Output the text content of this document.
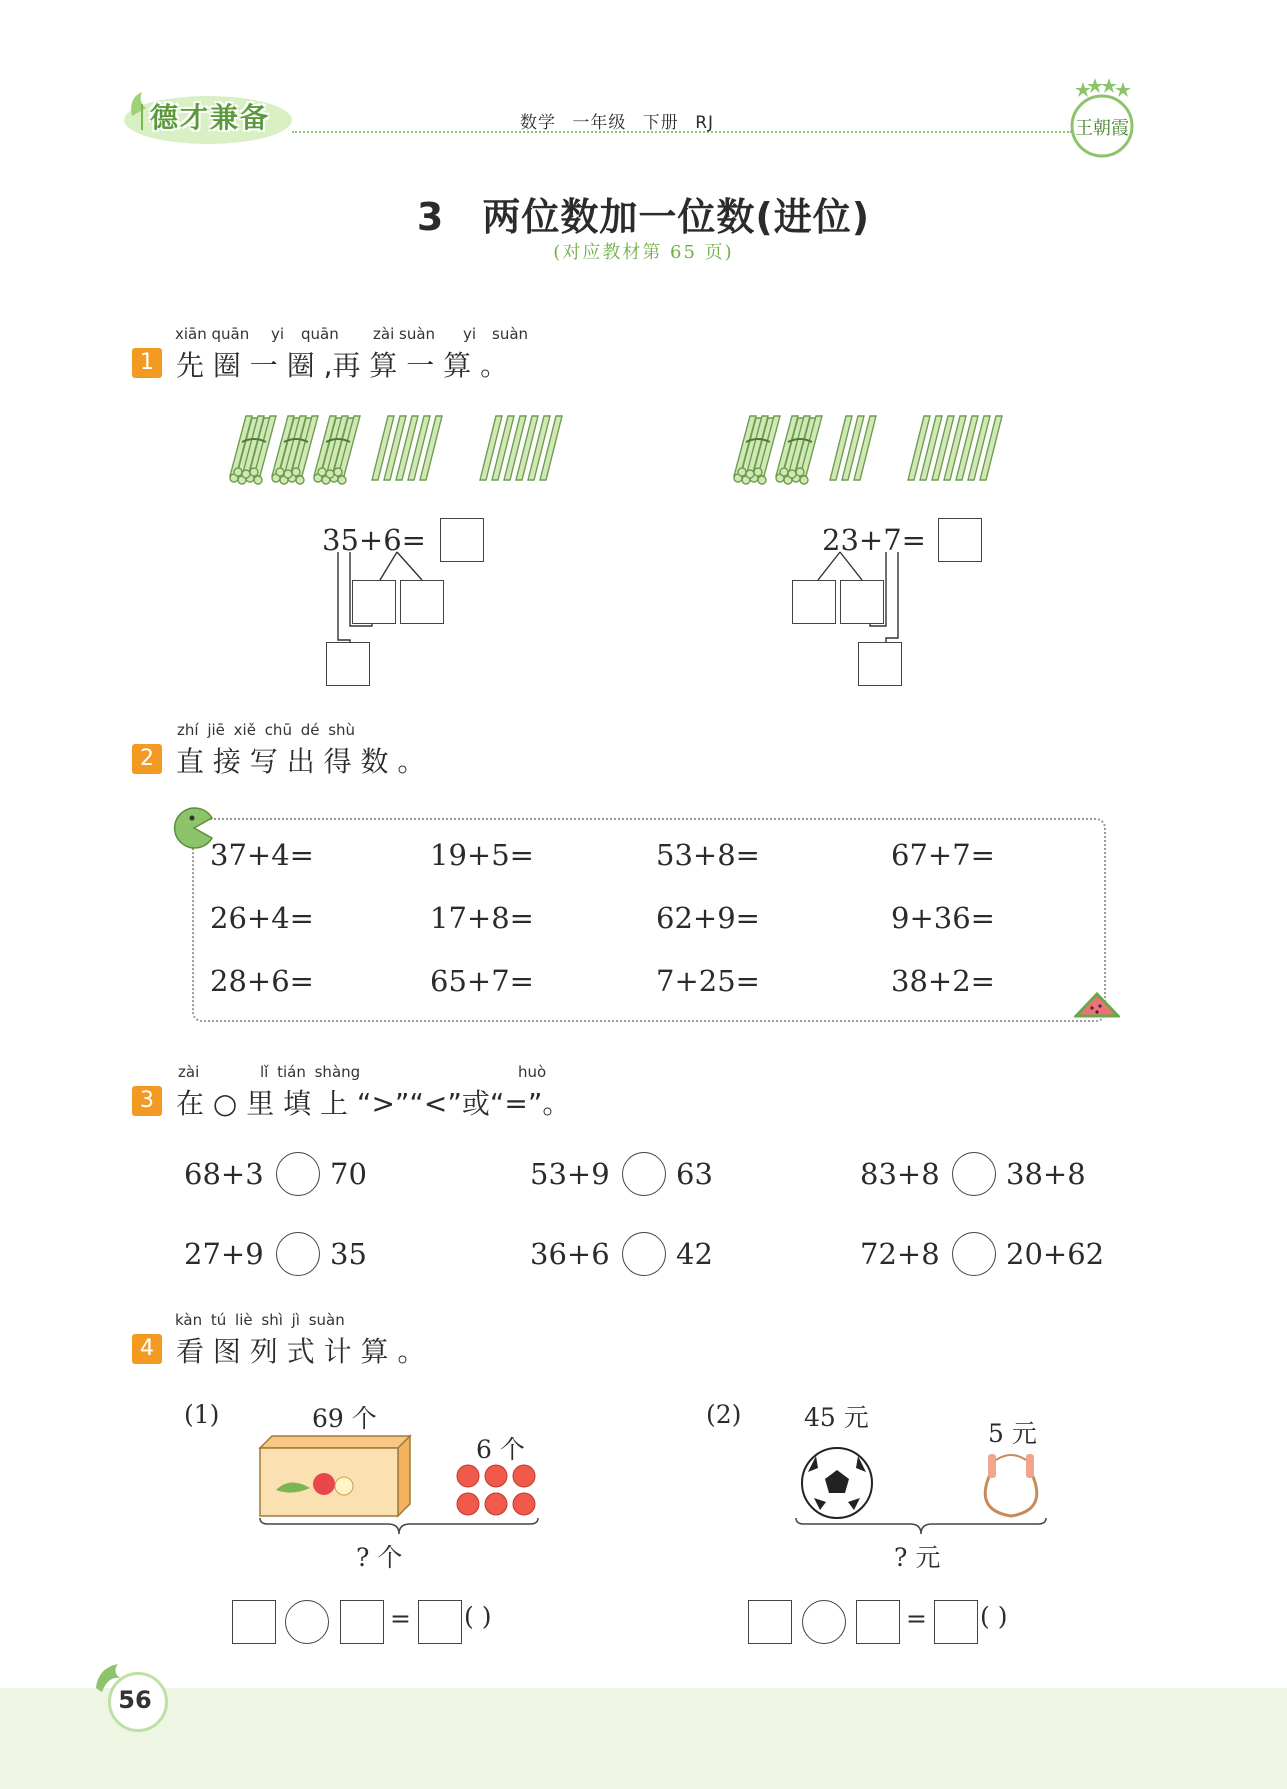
德才兼备	数学 一年级 下册 RJ	王朝霞
3 两位数加一位数(进位)
(对应教材第 65 页)
xiān quān yi quān zài suàn yi suàn
1 先 圈 一 圈 ,再 算 一 算 。
35+6=	23+7=
zhí jiē xiě chū dé shù
2 直 接 写 出 得 数 。
37+4=	19+5=	53+8=	67+7=
26+4=	17+8=	62+9=	9+36=
28+6=	65+7=	7+25=	38+2=
zài	lǐ tián shàng	huò
3 在 ○ 里 填 上 “>”“<”或“=”。
68+3 70	53+9 63	83+8 38+8
27+9 35	36+6 42	72+8 20+62
kàn tú liè shì jì suàn
4 看 图 列 式 计 算 。
(1)	69 个
6 个
? 个
= ( )
(2)	45 元
5 元
? 元
= ( )
56
